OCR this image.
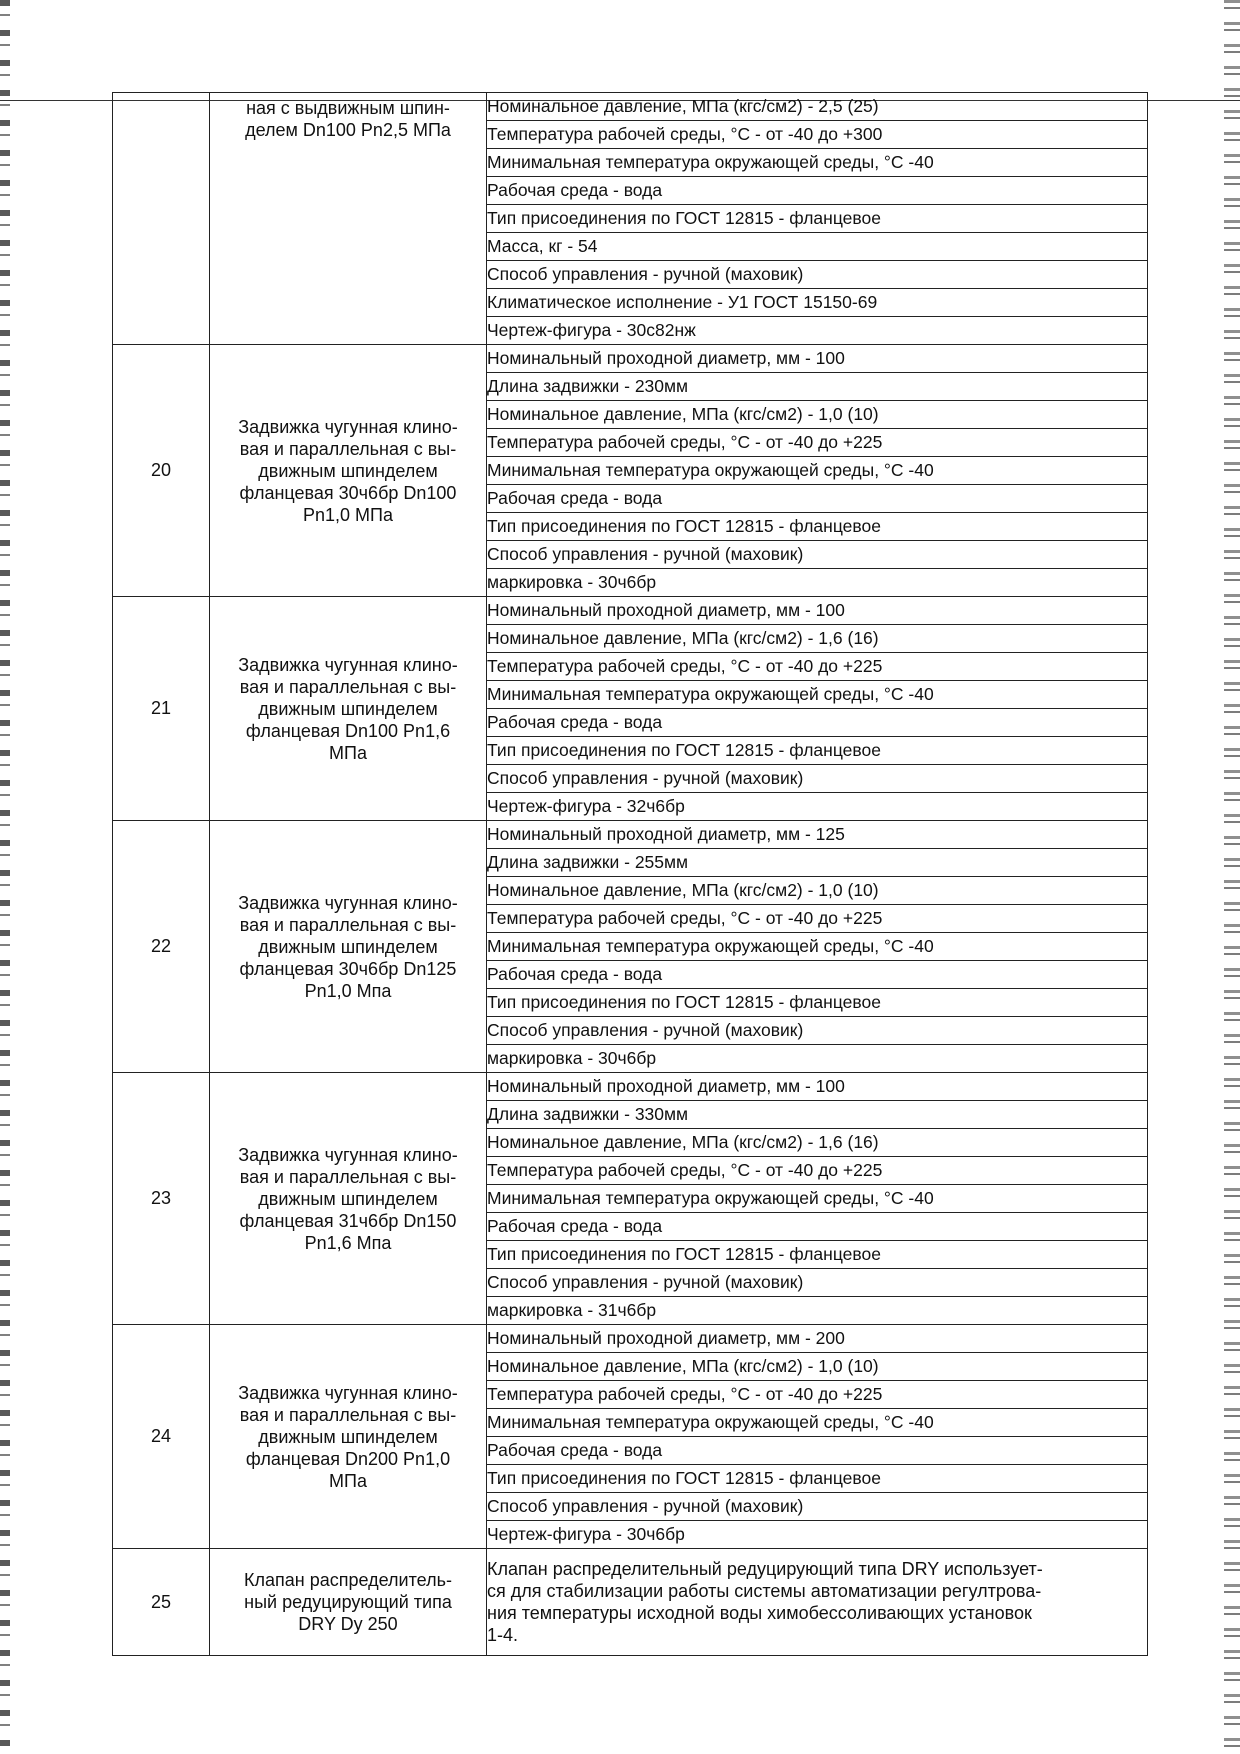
	ная с выдвижным шпин-
делем Dn100 Pn2,5 МПа	Номинальное давление, МПа (кгс/см2) - 2,5 (25)
		Температура рабочей среды, °С - от -40 до +300
		Минимальная температура окружающей среды, °С -40
		Рабочая среда - вода
		Тип присоединения по ГОСТ 12815 - фланцевое
		Масса, кг - 54
		Способ управления - ручной (маховик)
		Климатическое исполнение - У1 ГОСТ 15150-69
		Чертеж-фигура - 30с82нж
20	Задвижка чугунная клино-
вая и параллельная с вы-
движным шпинделем
фланцевая 30ч6бр Dn100
Pn1,0 МПа	Номинальный проходной диаметр, мм - 100
		Длина задвижки - 230мм
		Номинальное давление, МПа (кгс/см2) - 1,0 (10)
		Температура рабочей среды, °С - от -40 до +225
		Минимальная температура окружающей среды, °С -40
		Рабочая среда - вода
		Тип присоединения по ГОСТ 12815 - фланцевое
		Способ управления - ручной (маховик)
		маркировка - 30ч6бр
21	Задвижка чугунная клино-
вая и параллельная с вы-
движным шпинделем
фланцевая Dn100 Pn1,6
МПа	Номинальный проходной диаметр, мм - 100
		Номинальное давление, МПа (кгс/см2) - 1,6 (16)
		Температура рабочей среды, °С - от -40 до +225
		Минимальная температура окружающей среды, °С -40
		Рабочая среда - вода
		Тип присоединения по ГОСТ 12815 - фланцевое
		Способ управления - ручной (маховик)
		Чертеж-фигура - 32ч6бр
22	Задвижка чугунная клино-
вая и параллельная с вы-
движным шпинделем
фланцевая 30ч6бр Dn125
Pn1,0 Мпа	Номинальный проходной диаметр, мм - 125
		Длина задвижки - 255мм
		Номинальное давление, МПа (кгс/см2) - 1,0 (10)
		Температура рабочей среды, °С - от -40 до +225
		Минимальная температура окружающей среды, °С -40
		Рабочая среда - вода
		Тип присоединения по ГОСТ 12815 - фланцевое
		Способ управления - ручной (маховик)
		маркировка - 30ч6бр
23	Задвижка чугунная клино-
вая и параллельная с вы-
движным шпинделем
фланцевая 31ч6бр Dn150
Pn1,6 Мпа	Номинальный проходной диаметр, мм - 100
		Длина задвижки - 330мм
		Номинальное давление, МПа (кгс/см2) - 1,6 (16)
		Температура рабочей среды, °С - от -40 до +225
		Минимальная температура окружающей среды, °С -40
		Рабочая среда - вода
		Тип присоединения по ГОСТ 12815 - фланцевое
		Способ управления - ручной (маховик)
		маркировка - 31ч6бр
24	Задвижка чугунная клино-
вая и параллельная с вы-
движным шпинделем
фланцевая Dn200 Pn1,0
МПа	Номинальный проходной диаметр, мм - 200
		Номинальное давление, МПа (кгс/см2) - 1,0 (10)
		Температура рабочей среды, °С - от -40 до +225
		Минимальная температура окружающей среды, °С -40
		Рабочая среда - вода
		Тип присоединения по ГОСТ 12815 - фланцевое
		Способ управления - ручной (маховик)
		Чертеж-фигура - 30ч6бр
25	Клапан распределитель-
ный редуцирующий типа
DRY Dy 250	Клапан распределительный редуцирующий типа DRY использует-
ся для стабилизации работы системы автоматизации регултрова-
ния температуры исходной воды химобессоливающих установок
1-4.
